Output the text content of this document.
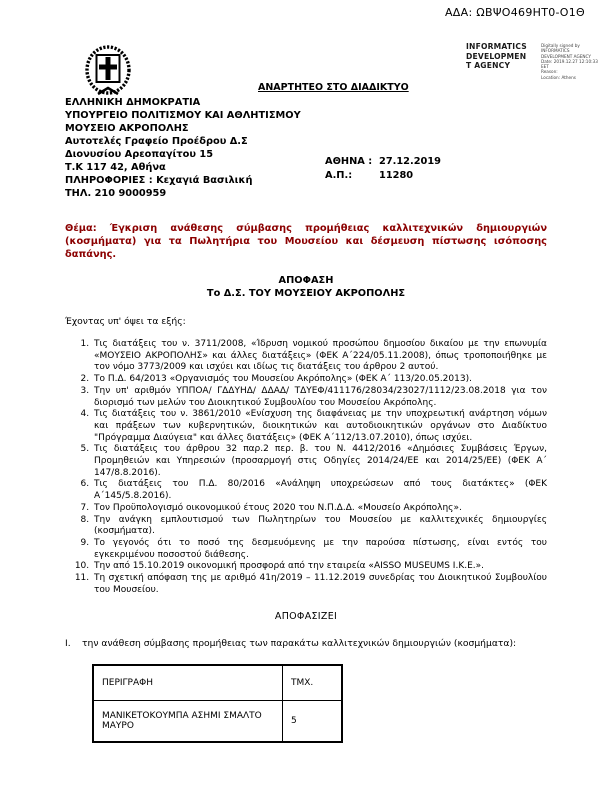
ΑΔΑ: ΩΒΨΟ469ΗΤ0-Ο1Θ
INFORMATICS DEVELOPMENT AGENCY
Digitally signed by
INFORMATICS
DEVELOPMENT AGENCY
Date: 2019.12.27 12:10:33
EET
Reason:
Location: Athens
ΑΝΑΡΤΗΤΕΟ ΣΤΟ ΔΙΑΔΙΚΤΥΟ
ΕΛΛΗΝΙΚΗ ΔΗΜΟΚΡΑΤΙΑ
ΥΠΟΥΡΓΕΙΟ ΠΟΛΙΤΙΣΜΟΥ ΚΑΙ ΑΘΛΗΤΙΣΜΟΥ
ΜΟΥΣΕΙΟ ΑΚΡΟΠΟΛΗΣ
Αυτοτελές Γραφείο Προέδρου Δ.Σ
Διονυσίου Αρεοπαγίτου 15
Τ.Κ 117 42, Αθήνα
ΠΛΗΡΟΦΟΡΙΕΣ : Κεχαγιά Βασιλική
ΤΗΛ. 210 9000959
ΑΘΗΝΑ : 27.12.2019
Α.Π.:	11280
Θέμα: Έγκριση ανάθεσης σύμβασης προμήθειας καλλιτεχνικών δημιουργιών (κοσμήματα) για τα Πωλητήρια του Μουσείου και δέσμευση πίστωσης ισόποσης δαπάνης.
ΑΠΟΦΑΣΗ
Το Δ.Σ. ΤΟΥ ΜΟΥΣΕΙΟΥ ΑΚΡΟΠΟΛΗΣ
Έχοντας υπ' όψει τα εξής:
1. Τις διατάξεις του ν. 3711/2008, «Ίδρυση νομικού προσώπου δημοσίου δικαίου με την επωνυμία «ΜΟΥΣΕΙΟ ΑΚΡΟΠΟΛΗΣ» και άλλες διατάξεις» (ΦΕΚ Α΄224/05.11.2008), όπως τροποποιήθηκε με τον νόμο 3773/2009 και ισχύει και ιδίως τις διατάξεις του άρθρου 2 αυτού.
2. Το Π.Δ. 64/2013 «Οργανισμός του Μουσείου Ακρόπολης» (ΦΕΚ Α΄ 113/20.05.2013).
3. Την υπ' αριθμόν ΥΠΠΟΑ/ ΓΔΔΥΗΔ/ ΔΔΑΔ/ ΤΔΥΕΦ/411176/28034/23027/1112/23.08.2018 για τον διορισμό των μελών του Διοικητικού Συμβουλίου του Μουσείου Ακρόπολης.
4. Τις διατάξεις του ν. 3861/2010 «Ενίσχυση της διαφάνειας με την υποχρεωτική ανάρτηση νόμων και πράξεων των κυβερνητικών, διοικητικών και αυτοδιοικητικών οργάνων στο Διαδίκτυο "Πρόγραμμα Διαύγεια" και άλλες διατάξεις» (ΦΕΚ Α΄112/13.07.2010), όπως ισχύει.
5. Τις διατάξεις του άρθρου 32 παρ.2 περ. β. του Ν. 4412/2016 «Δημόσιες Συμβάσεις Έργων, Προμηθειών και Υπηρεσιών (προσαρμογή στις Οδηγίες 2014/24/ΕΕ και 2014/25/ΕΕ) (ΦΕΚ Α΄ 147/8.8.2016).
6. Τις διατάξεις του Π.Δ. 80/2016 «Ανάληψη υποχρεώσεων από τους διατάκτες» (ΦΕΚ Α΄145/5.8.2016).
7. Τον Προϋπολογισμό οικονομικού έτους 2020 του Ν.Π.Δ.Δ. «Μουσείο Ακρόπολης».
8. Την ανάγκη εμπλουτισμού των Πωλητηρίων του Μουσείου με καλλιτεχνικές δημιουργίες (κοσμήματα).
9. Το γεγονός ότι το ποσό της δεσμευόμενης με την παρούσα πίστωσης, είναι εντός του εγκεκριμένου ποσοστού διάθεσης.
10. Την από 15.10.2019 οικονομική προσφορά από την εταιρεία «AISSO MUSEUMS Ι.Κ.Ε.».
11. Τη σχετική απόφαση της με αριθμό 41η/2019 – 11.12.2019 συνεδρίας του Διοικητικού Συμβουλίου του Μουσείου.
ΑΠΟΦΑΣΙΖΕΙ
Ι.	την ανάθεση σύμβασης προμήθειας των παρακάτω καλλιτεχνικών δημιουργιών (κοσμήματα):
ΠΕΡΙΓΡΑΦΗ	ΤΜΧ.
ΜΑΝΙΚΕΤΟΚΟΥΜΠΑ ΑΣΗΜΙ ΣΜΑΛΤΟ ΜΑΥΡΟ	5
